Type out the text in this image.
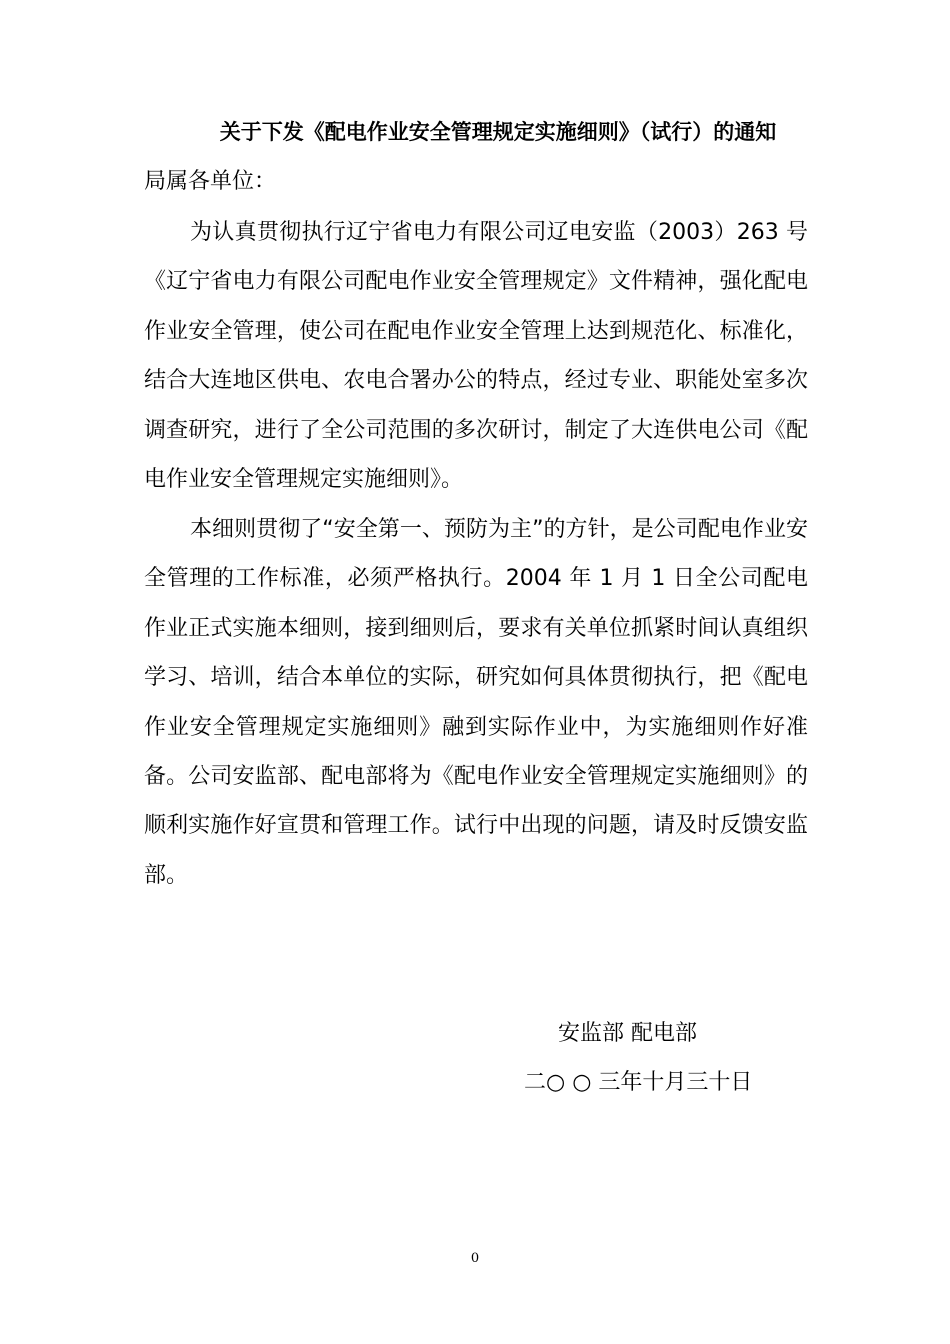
关于下发《配电作业安全管理规定实施细则》（试行）的通知
局属各单位：

为认真贯彻执行辽宁省电力有限公司辽电安监（2003）263 号《辽宁省电力有限公司配电作业安全管理规定》文件精神，强化配电作业安全管理，使公司在配电作业安全管理上达到规范化、标准化，结合大连地区供电、农电合署办公的特点，经过专业、职能处室多次调查研究，进行了全公司范围的多次研讨，制定了大连供电公司《配电作业安全管理规定实施细则》。

本细则贯彻了“安全第一、预防为主”的方针，是公司配电作业安全管理的工作标准，必须严格执行。2004 年 1 月 1 日全公司配电作业正式实施本细则，接到细则后，要求有关单位抓紧时间认真组织学习、培训，结合本单位的实际，研究如何具体贯彻执行，把《配电作业安全管理规定实施细则》融到实际作业中，为实施细则作好准备。公司安监部、配电部将为《配电作业安全管理规定实施细则》的顺利实施作好宣贯和管理工作。试行中出现的问题，请及时反馈安监部。

安监部 配电部
二○ ○ 三年十月三十日
0
